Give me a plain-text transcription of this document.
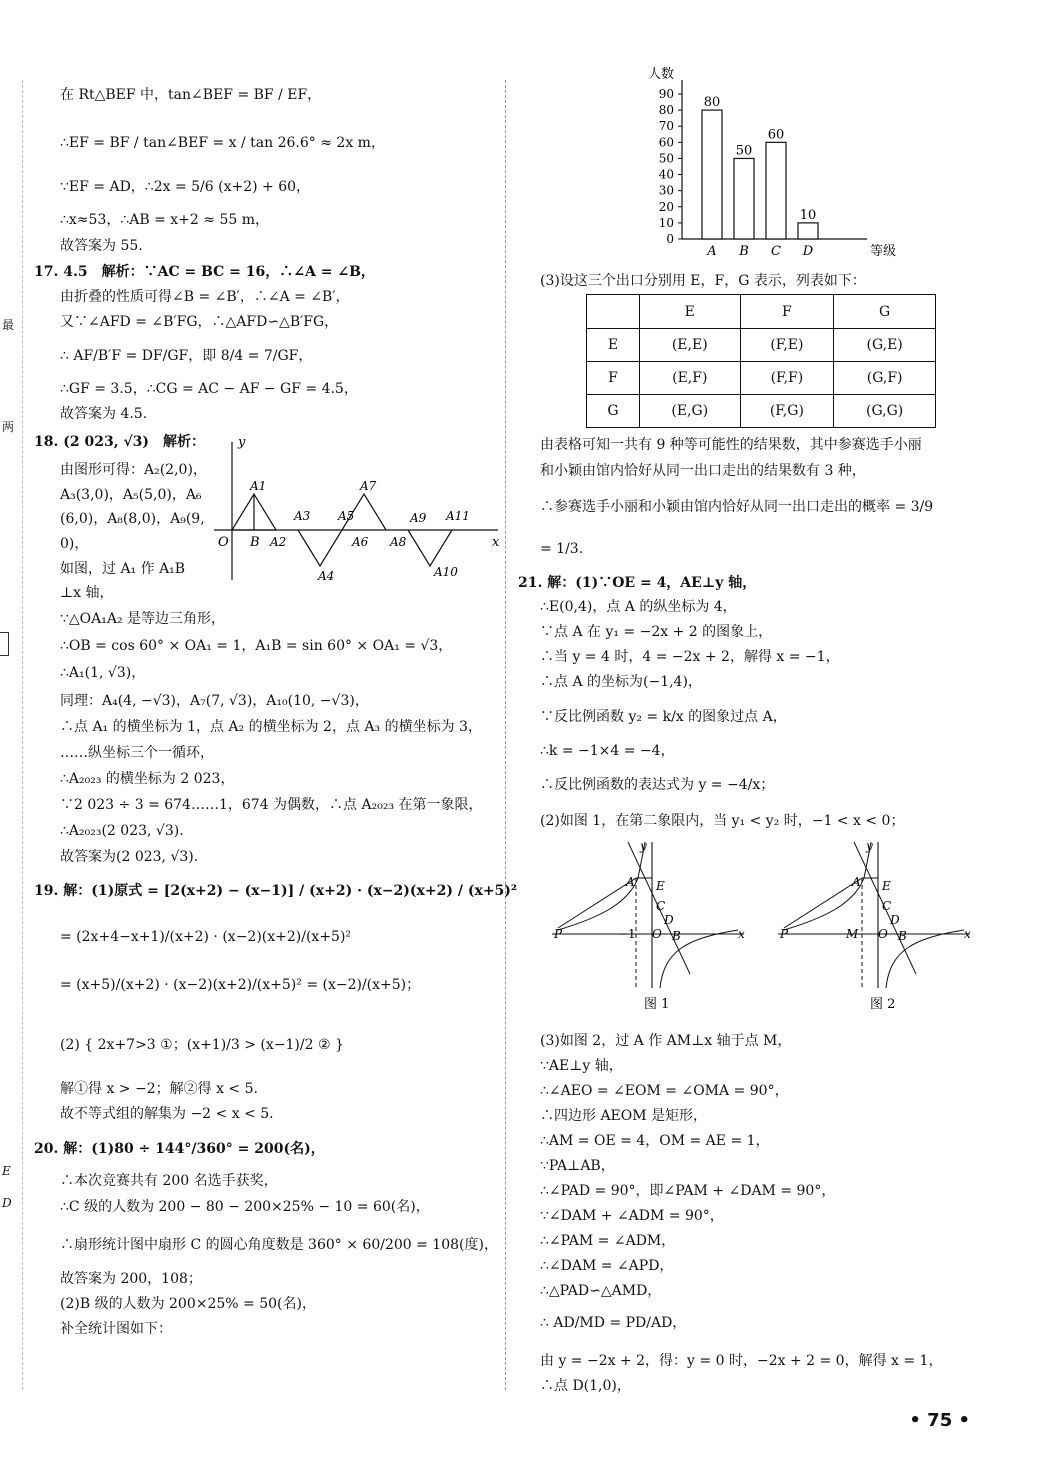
最
两
E
D
在 Rt△BEF 中，tan∠BEF = BF / EF，
∴EF = BF / tan∠BEF = x / tan 26.6° ≈ 2x m，
∵EF = AD，∴2x = 5/6 (x+2) + 60，
∴x≈53，∴AB = x+2 ≈ 55 m，
故答案为 55.
17. 4.5　解析：∵AC = BC = 16，∴∠A = ∠B，
由折叠的性质可得∠B = ∠B′，∴∠A = ∠B′，
又∵∠AFD = ∠B′FG，∴△AFD∽△B′FG，
∴ AF/B′F = DF/GF，即 8/4 = 7/GF，
∴GF = 3.5，∴CG = AC − AF − GF = 4.5，
故答案为 4.5.
18. (2 023, √3)　解析：
由图形可得：A₂(2,0)，
A₃(3,0)，A₅(5,0)，A₆
(6,0)，A₈(8,0)，A₉(9,
0)，
如图，过 A₁ 作 A₁B
⊥x 轴，
y
x
O B
A1
A2
A3
A4
A5
A6
A7
A8
A9
A10
A11
∵△OA₁A₂ 是等边三角形，
∴OB = cos 60° × OA₁ = 1，A₁B = sin 60° × OA₁ = √3，
∴A₁(1, √3)，
同理：A₄(4, −√3)，A₇(7, √3)，A₁₀(10, −√3)，
∴点 A₁ 的横坐标为 1，点 A₂ 的横坐标为 2，点 A₃ 的横坐标为 3，
……纵坐标三个一循环，
∴A₂₀₂₃ 的横坐标为 2 023，
∵2 023 ÷ 3 = 674……1，674 为偶数，∴点 A₂₀₂₃ 在第一象限，
∴A₂₀₂₃(2 023, √3).
故答案为(2 023, √3).
19. 解：(1)原式 = [2(x+2) − (x−1)] / (x+2) · (x−2)(x+2) / (x+5)²
= (2x+4−x+1)/(x+2) · (x−2)(x+2)/(x+5)²
= (x+5)/(x+2) · (x−2)(x+2)/(x+5)² = (x−2)/(x+5)；
(2) { 2x+7>3 ①；(x+1)/3 > (x−1)/2 ② }
解①得 x > −2；解②得 x < 5.
故不等式组的解集为 −2 < x < 5.
20. 解：(1)80 ÷ 144°/360° = 200(名)，
∴本次竞赛共有 200 名选手获奖，
∴C 级的人数为 200 − 80 − 200×25% − 10 = 60(名)，
∴扇形统计图中扇形 C 的圆心角度数是 360° × 60/200 = 108(度)，
故答案为 200，108；
(2)B 级的人数为 200×25% = 50(名)，
补全统计图如下：
人数
等级
0
10
20
30
40
50
60
70
80
90
80
A
50
B
60
C
10
D
(3)设这三个出口分别用 E，F，G 表示，列表如下：
	E	F	G
E	(E,E)	(F,E)	(G,E)
F	(E,F)	(F,F)	(G,F)
G	(E,G)	(F,G)	(G,G)
由表格可知一共有 9 种等可能性的结果数，其中参赛选手小丽
和小颖由馆内恰好从同一出口走出的结果数有 3 种，
∴参赛选手小丽和小颖由馆内恰好从同一出口走出的概率 = 3/9
= 1/3.
21. 解：(1)∵OE = 4，AE⊥y 轴，
∴E(0,4)，点 A 的纵坐标为 4，
∵点 A 在 y₁ = −2x + 2 的图象上，
∴当 y = 4 时，4 = −2x + 2，解得 x = −1，
∴点 A 的坐标为(−1,4)，
∵反比例函数 y₂ = k/x 的图象过点 A，
∴k = −1×4 = −4，
∴反比例函数的表达式为 y = −4/x；
(2)如图 1，在第二象限内，当 y₁ < y₂ 时，−1 < x < 0；
y
x
A E
C
D
O B
P	−1
图 1
y
x
A E
C
D
O B
P	M
图 2
(3)如图 2，过 A 作 AM⊥x 轴于点 M，
∵AE⊥y 轴，
∴∠AEO = ∠EOM = ∠OMA = 90°，
∴四边形 AEOM 是矩形，
∴AM = OE = 4，OM = AE = 1，
∵PA⊥AB，
∴∠PAD = 90°，即∠PAM + ∠DAM = 90°，
∵∠DAM + ∠ADM = 90°，
∴∠PAM = ∠ADM，
∴∠DAM = ∠APD，
∴△PAD∽△AMD，
∴ AD/MD = PD/AD，
由 y = −2x + 2，得：y = 0 时，−2x + 2 = 0，解得 x = 1，
∴点 D(1,0)，
• 75 •
